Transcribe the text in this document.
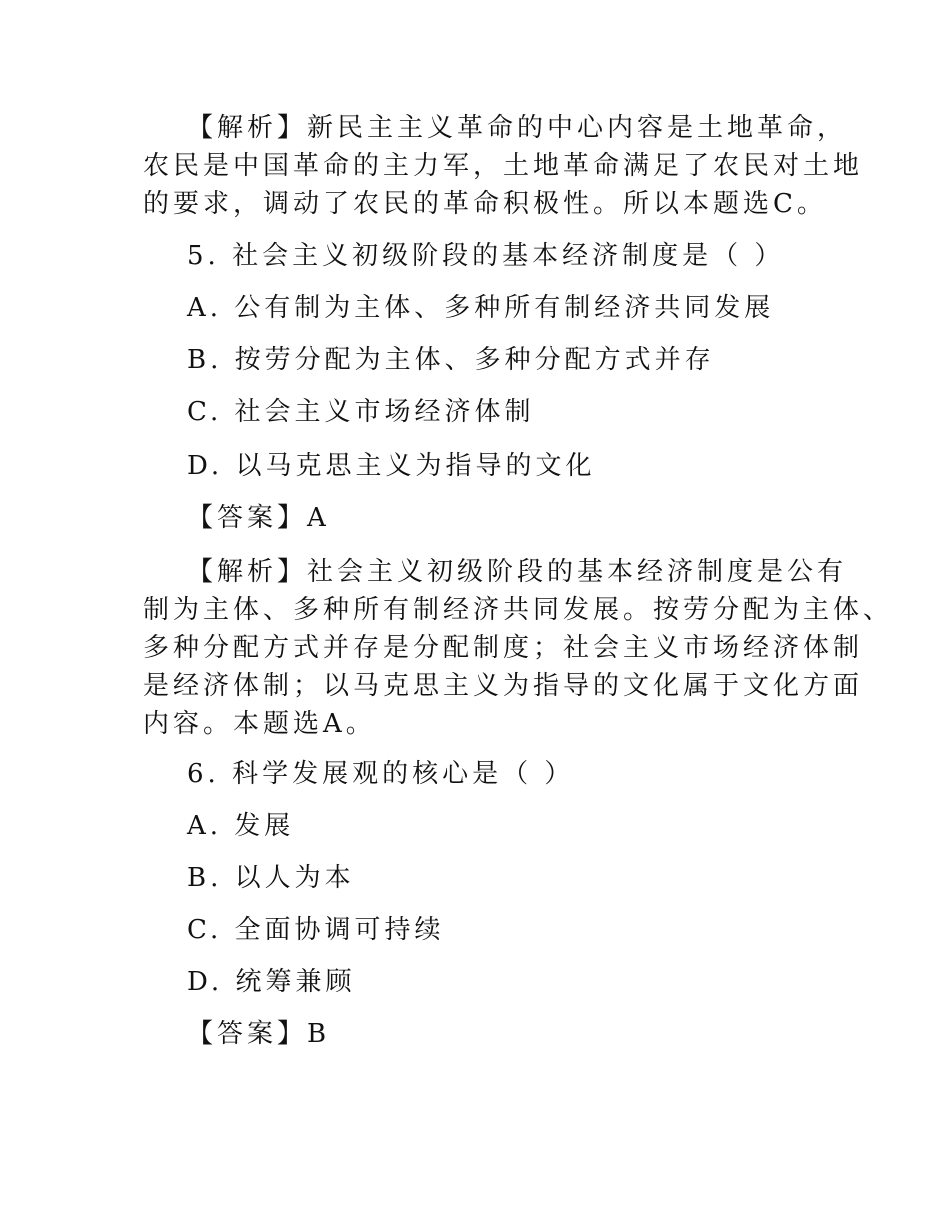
【解析】新民主主义革命的中心内容是土地革命，
农民是中国革命的主力军，土地革命满足了农民对土地
的要求，调动了农民的革命积极性。所以本题选C。
5. 社会主义初级阶段的基本经济制度是（ ）
A. 公有制为主体、多种所有制经济共同发展
B. 按劳分配为主体、多种分配方式并存
C. 社会主义市场经济体制
D. 以马克思主义为指导的文化
【答案】A
【解析】社会主义初级阶段的基本经济制度是公有
制为主体、多种所有制经济共同发展。按劳分配为主体、
多种分配方式并存是分配制度；社会主义市场经济体制
是经济体制；以马克思主义为指导的文化属于文化方面
内容。本题选A。
6. 科学发展观的核心是（ ）
A. 发展
B. 以人为本
C. 全面协调可持续
D. 统筹兼顾
【答案】B
